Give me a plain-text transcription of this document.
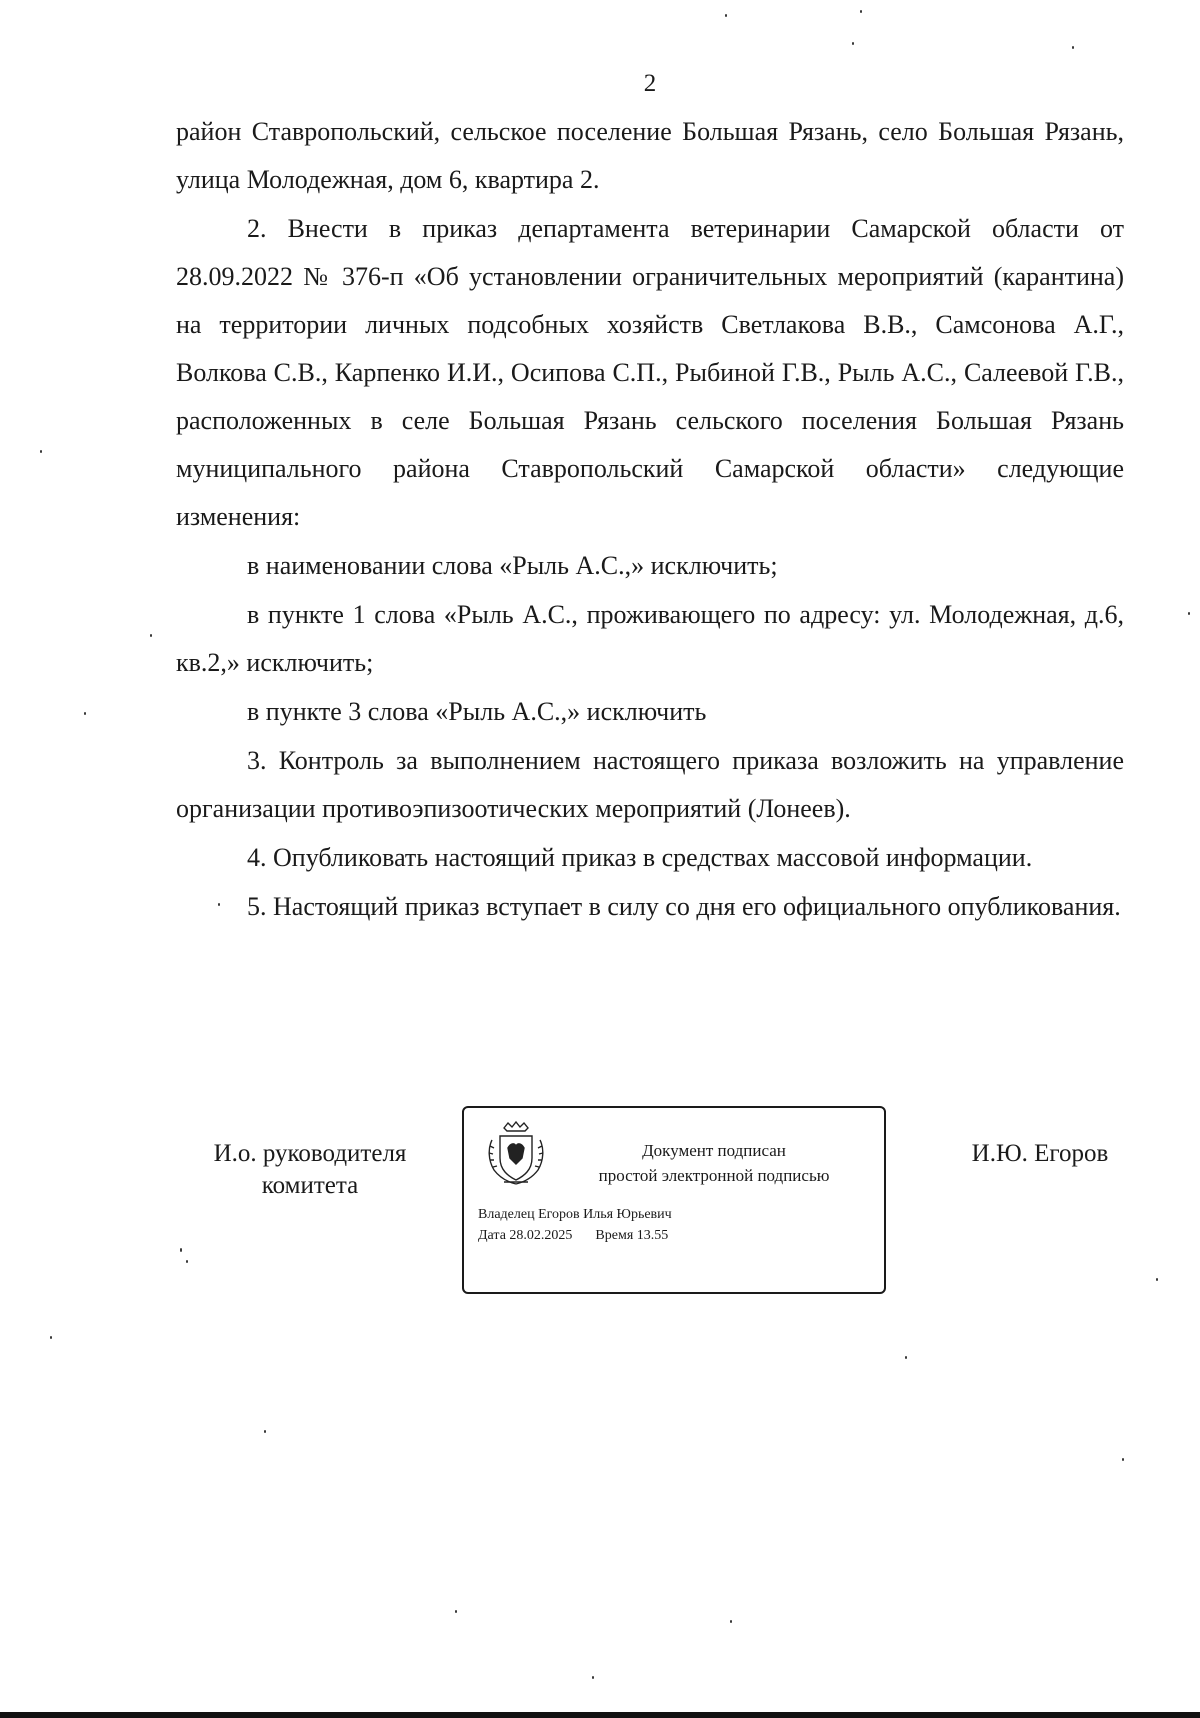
2

район Ставропольский, сельское поселение Большая Рязань, село Большая Рязань, улица Молодежная, дом 6, квартира 2.

2. Внести в приказ департамента ветеринарии Самарской области от 28.09.2022 № 376-п «Об установлении ограничительных мероприятий (карантина) на территории личных подсобных хозяйств Светлакова В.В., Самсонова А.Г., Волкова С.В., Карпенко И.И., Осипова С.П., Рыбиной Г.В., Рыль А.С., Салеевой Г.В., расположенных в селе Большая Рязань сельского поселения Большая Рязань муниципального района Ставропольский Самарской области» следующие изменения:

в наименовании слова «Рыль А.С.,» исключить;

в пункте 1 слова «Рыль А.С., проживающего по адресу: ул. Молодежная, д.6, кв.2,» исключить;

в пункте 3 слова «Рыль А.С.,» исключить

3. Контроль за выполнением настоящего приказа возложить на управление организации противоэпизоотических мероприятий (Лонеев).

4. Опубликовать настоящий приказ в средствах массовой информации.

5. Настоящий приказ вступает в силу со дня его официального опубликования.

И.о. руководителя
комитета
Документ подписан
простой электронной подписью
Владелец Егоров Илья Юрьевич
Дата 28.02.2025 Время 13.55
И.Ю. Егоров
